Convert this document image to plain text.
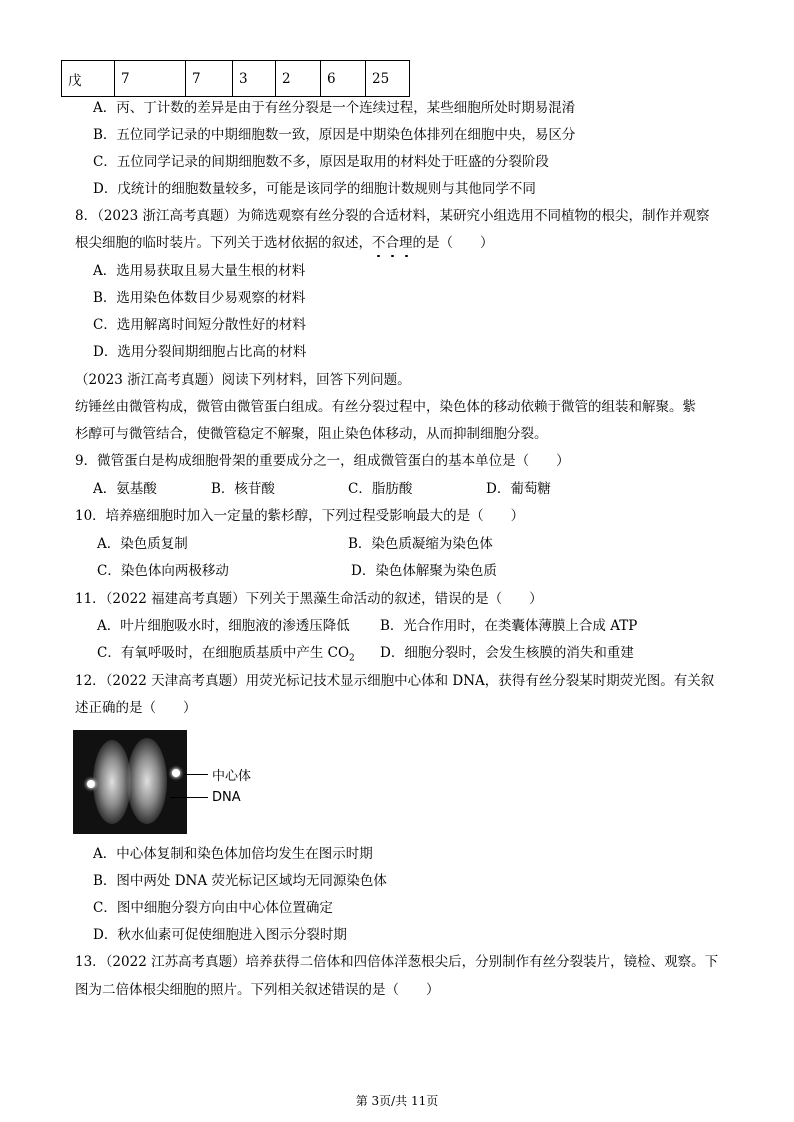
戊	7	7	3	2	6	25
A．丙、丁计数的差异是由于有丝分裂是一个连续过程，某些细胞所处时期易混淆
B．五位同学记录的中期细胞数一致，原因是中期染色体排列在细胞中央，易区分
C．五位同学记录的间期细胞数不多，原因是取用的材料处于旺盛的分裂阶段
D．戊统计的细胞数量较多，可能是该同学的细胞计数规则与其他同学不同
8．（2023 浙江高考真题）为筛选观察有丝分裂的合适材料，某研究小组选用不同植物的根尖，制作并观察
根尖细胞的临时装片。下列关于选材依据的叙述，不合理
的是（　　）
A．选用易获取且易大量生根的材料
B．选用染色体数目少易观察的材料
C．选用解离时间短分散性好的材料
D．选用分裂间期细胞占比高的材料
（2023 浙江高考真题）阅读下列材料，回答下列问题。
纺锤丝由微管构成，微管由微管蛋白组成。有丝分裂过程中，染色体的移动依赖于微管的组装和解聚。紫
杉醇可与微管结合，使微管稳定不解聚，阻止染色体移动，从而抑制细胞分裂。
9．微管蛋白是构成细胞骨架的重要成分之一，组成微管蛋白的基本单位是（　　）
A．氨基酸	B．核苷酸	C．脂肪酸	D．葡萄糖
10．培养癌细胞时加入一定量的紫杉醇，下列过程受影响最大的是（　　）
A．染色质复制	B．染色质凝缩为染色体
C．染色体向两极移动	D．染色体解聚为染色质
11．（2022 福建高考真题）下列关于黑藻生命活动的叙述，错误的是（　　）
A．叶片细胞吸水时，细胞液的渗透压降低 B．光合作用时，在类囊体薄膜上合成 ATP
C．有氧呼吸时，在细胞质基质中产生 $CO_2$ D．细胞分裂时，会发生核膜的消失和重建
12．（2022 天津高考真题）用荧光标记技术显示细胞中心体和 DNA，获得有丝分裂某时期荧光图。有关叙
述正确的是（　　）
中心体
DNA
A．中心体复制和染色体加倍均发生在图示时期
B．图中两处 DNA 荧光标记区域均无同源染色体
C．图中细胞分裂方向由中心体位置确定
D．秋水仙素可促使细胞进入图示分裂时期
13．（2022 江苏高考真题）培养获得二倍体和四倍体洋葱根尖后，分别制作有丝分裂装片，镜检、观察。下
图为二倍体根尖细胞的照片。下列相关叙述错误的是（　　）
第 3页/共 11页
